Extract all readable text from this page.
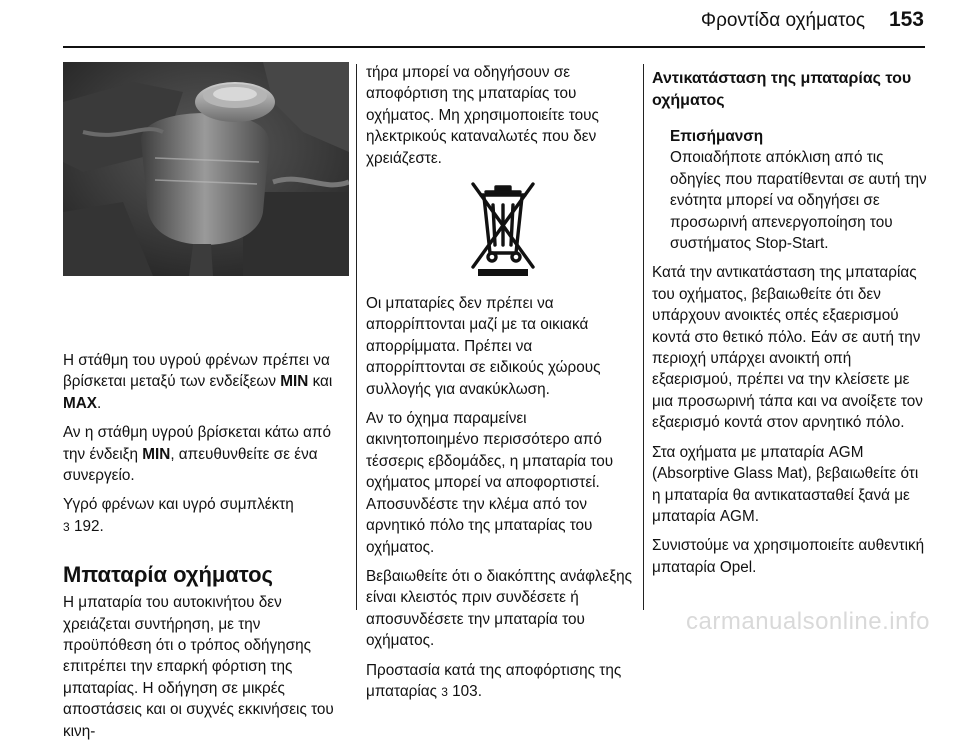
Φροντίδα οχήματος 153

Η στάθμη του υγρού φρένων πρέπει να βρίσκεται μεταξύ των ενδείξεων MIN και MAX.

Αν η στάθμη υγρού βρίσκεται κάτω από την ένδειξη MIN, απευθυνθείτε σε ένα συνεργείο.

Υγρό φρένων και υγρό συμπλέκτη
3 192.

Μπαταρία οχήματος

Η μπαταρία του αυτοκινήτου δεν χρειάζεται συντήρηση, με την προϋπόθεση ότι ο τρόπος οδήγησης επιτρέπει την επαρκή φόρτιση της μπαταρίας. Η οδήγηση σε μικρές αποστάσεις και οι συχνές εκκινήσεις του κινη-

τήρα μπορεί να οδηγήσουν σε αποφόρτιση της μπαταρίας του οχήματος. Μη χρησιμοποιείτε τους ηλεκτρικούς καταναλωτές που δεν χρειάζεστε.

Οι μπαταρίες δεν πρέπει να απορρίπτονται μαζί με τα οικιακά απορρίμματα. Πρέπει να απορρίπτονται σε ειδικούς χώρους συλλογής για ανακύκλωση.

Αν το όχημα παραμείνει ακινητοποιημένο περισσότερο από τέσσερις εβδομάδες, η μπαταρία του οχήματος μπορεί να αποφορτιστεί. Αποσυνδέστε την κλέμα από τον αρνητικό πόλο της μπαταρίας του οχήματος.

Βεβαιωθείτε ότι ο διακόπτης ανάφλεξης είναι κλειστός πριν συνδέσετε ή αποσυνδέσετε την μπαταρία του οχήματος.

Προστασία κατά της αποφόρτισης της μπαταρίας 3 103.

Αντικατάσταση της μπαταρίας του οχήματος
Επισήμανση
Οποιαδήποτε απόκλιση από τις οδηγίες που παρατίθενται σε αυτή την ενότητα μπορεί να οδηγήσει σε προσωρινή απενεργοποίηση του συστήματος Stop-Start.

Κατά την αντικατάσταση της μπαταρίας του οχήματος, βεβαιωθείτε ότι δεν υπάρχουν ανοικτές οπές εξαερισμού κοντά στο θετικό πόλο. Εάν σε αυτή την περιοχή υπάρχει ανοικτή οπή εξαερισμού, πρέπει να την κλείσετε με μια προσωρινή τάπα και να ανοίξετε τον εξαερισμό κοντά στον αρνητικό πόλο.

Στα οχήματα με μπαταρία AGM (Absorptive Glass Mat), βεβαιωθείτε ότι η μπαταρία θα αντικατασταθεί ξανά με μπαταρία AGM.

Συνιστούμε να χρησιμοποιείτε αυθεντική μπαταρία Opel.

carmanualsonline.info
